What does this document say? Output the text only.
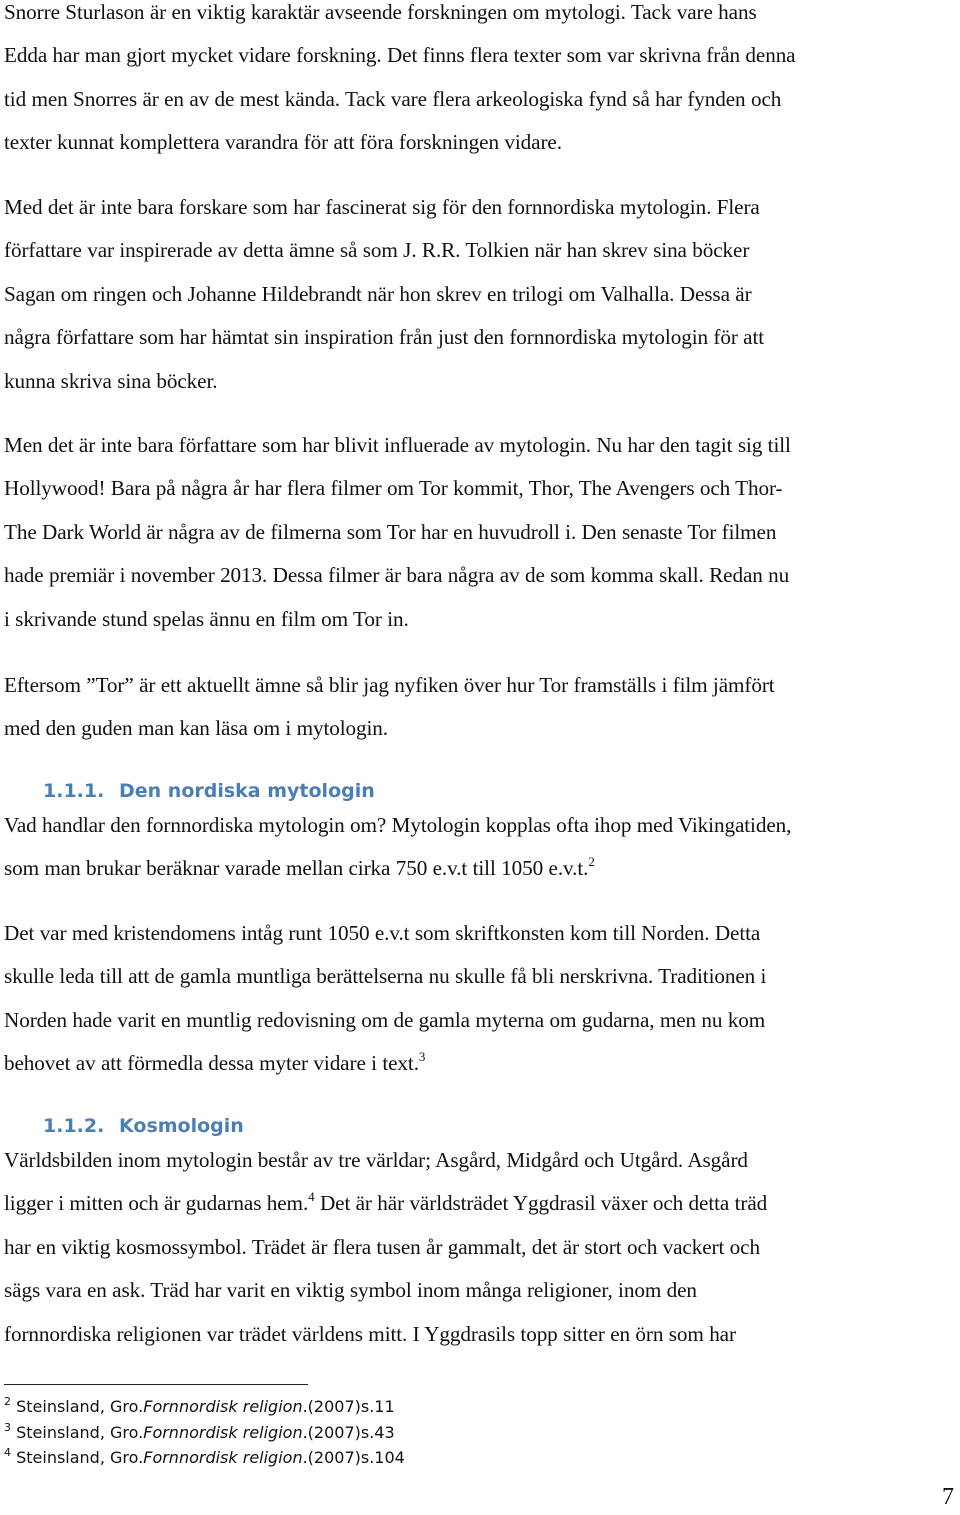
Snorre Sturlason är en viktig karaktär avseende forskningen om mytologi. Tack vare hans
Edda har man gjort mycket vidare forskning. Det finns flera texter som var skrivna från denna
tid men Snorres är en av de mest kända. Tack vare flera arkeologiska fynd så har fynden och
texter kunnat komplettera varandra för att föra forskningen vidare.

Med det är inte bara forskare som har fascinerat sig för den fornnordiska mytologin. Flera
författare var inspirerade av detta ämne så som J. R.R. Tolkien när han skrev sina böcker
Sagan om ringen och Johanne Hildebrandt när hon skrev en trilogi om Valhalla. Dessa är
några författare som har hämtat sin inspiration från just den fornnordiska mytologin för att
kunna skriva sina böcker.

Men det är inte bara författare som har blivit influerade av mytologin. Nu har den tagit sig till
Hollywood! Bara på några år har flera filmer om Tor kommit, Thor, The Avengers och Thor-
The Dark World är några av de filmerna som Tor har en huvudroll i. Den senaste Tor filmen
hade premiär i november 2013. Dessa filmer är bara några av de som komma skall. Redan nu
i skrivande stund spelas ännu en film om Tor in.

Eftersom ”Tor” är ett aktuellt ämne så blir jag nyfiken över hur Tor framställs i film jämfört
med den guden man kan läsa om i mytologin.

1.1.1. Den nordiska mytologin

Vad handlar den fornnordiska mytologin om? Mytologin kopplas ofta ihop med Vikingatiden,
som man brukar beräknar varade mellan cirka 750 e.v.t till 1050 e.v.t.$^2$

Det var med kristendomens intåg runt 1050 e.v.t som skriftkonsten kom till Norden. Detta
skulle leda till att de gamla muntliga berättelserna nu skulle få bli nerskrivna. Traditionen i
Norden hade varit en muntlig redovisning om de gamla myterna om gudarna, men nu kom
behovet av att förmedla dessa myter vidare i text.$^3$

1.1.2. Kosmologin

Världsbilden inom mytologin består av tre världar; Asgård, Midgård och Utgård. Asgård
ligger i mitten och är gudarnas hem.$^4$ Det är här världsträdet Yggdrasil växer och detta träd
har en viktig kosmossymbol. Trädet är flera tusen år gammalt, det är stort och vackert och
sägs vara en ask. Träd har varit en viktig symbol inom många religioner, inom den
fornnordiska religionen var trädet världens mitt. I Yggdrasils topp sitter en örn som har

$^2$ Steinsland, Gro.Fornnordisk religion.(2007)s.11
$^3$ Steinsland, Gro.Fornnordisk religion.(2007)s.43
$^4$ Steinsland, Gro.Fornnordisk religion.(2007)s.104
7
